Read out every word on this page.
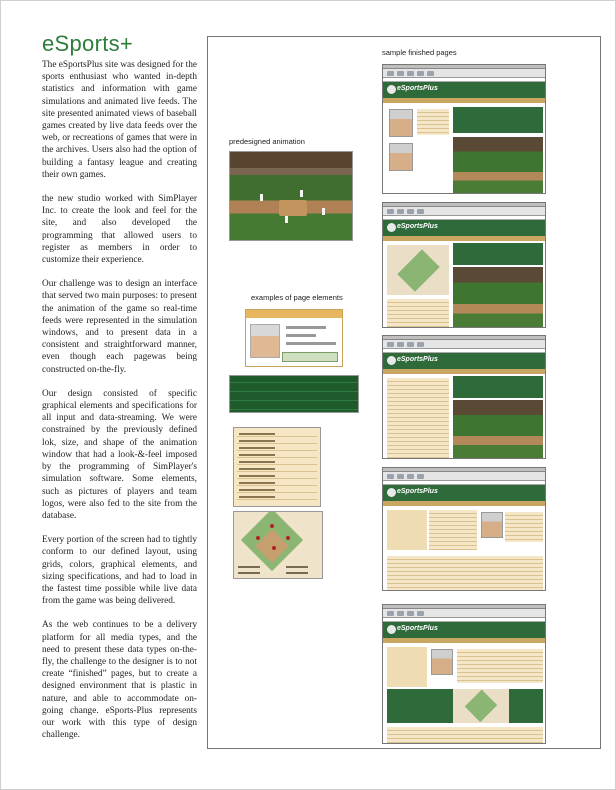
eSports+

The eSportsPlus site was designed for the sports enthusiast who wanted in-depth statistics and information with game simulations and animated live feeds. The site presented animated views of baseball games created by live data feeds over the web, or recreations of games that were in the archives. Users also had the option of building a fantasy league and creating their own games.

the new studio worked with SimPlayer Inc. to create the look and feel for the site, and also developed the programming that allowed users to register as members in order to customize their experience.

Our challenge was to design an interface that served two main purposes: to present the animation of the game so real-time feeds were represented in the simulation windows, and to present data in a consistent and straightforward manner, even though each pagewas being constructed on-the-fly.

Our design consisted of specific graphical elements and specifications for all input and data-streaming. We were constrained by the previously defined lok, size, and shape of the animation window that had a look-&-feel imposed by the programming of SimPlayer's simulation software. Some elements, such as pictures of players and team logos, were also fed to the site from the database.

Every portion of the screen had to tightly conform to our defined layout, using grids, colors, graphical elements, and sizing specifications, and had to load in the fastest time possible while live data from the game was being delivered.

As the web continues to be a delivery platform for all media types, and the need to present these data types on-the-fly, the challenge to the designer is to not create “finished” pages, but to create a designed environment that is plastic in nature, and able to accommodate on-going change. eSports-Plus represents our work with this type of design challenge.

sample finished pages
predesigned animation
examples of page elements
eSportsPlus
eSportsPlus
eSportsPlus
eSportsPlus
eSportsPlus
